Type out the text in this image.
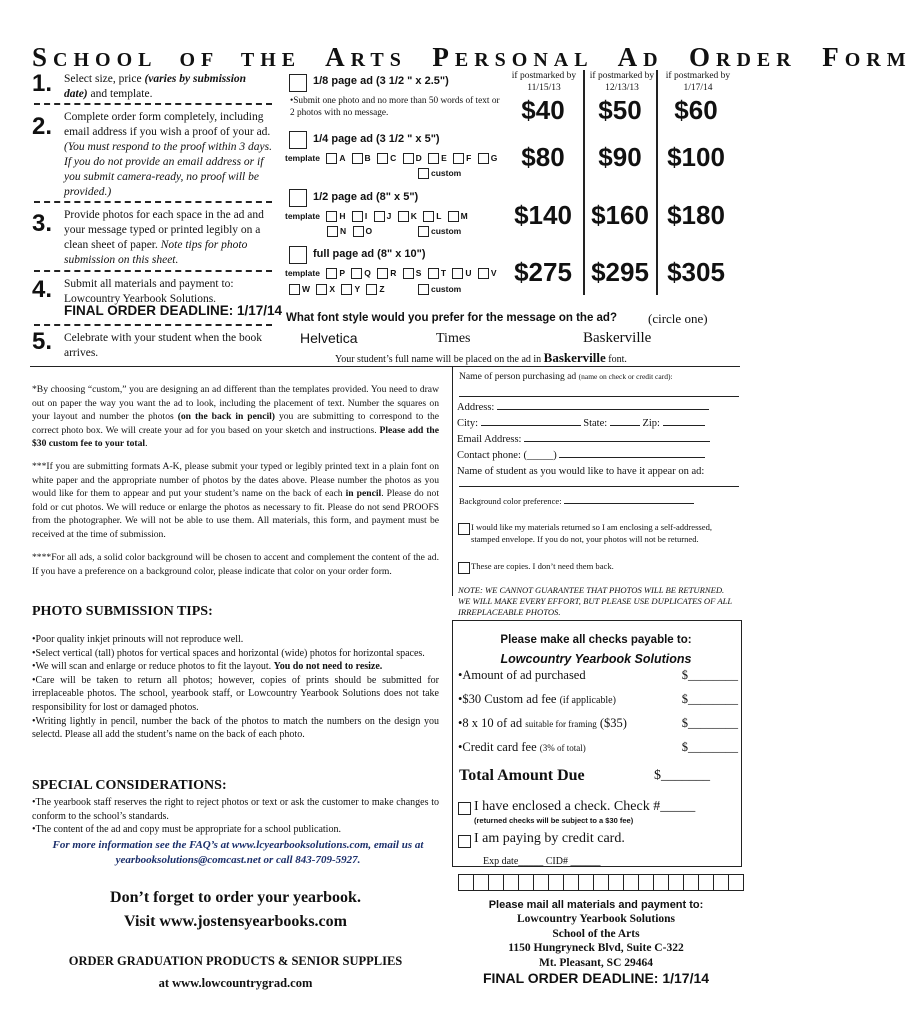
SCHOOL  OF  THE  ARTS  PERSONAL  AD  ORDER  FORM
1. Select size, price (varies by submission date) and template.
2. Complete order form completely, including email address if you wish a proof of your ad. (You must respond to the proof within 3 days. If you do not provide an email address or if you submit camera-ready, no proof will be provided.)
3. Provide photos for each space in the ad and your message typed or printed legibly on a clean sheet of paper. Note tips for photo submission on this sheet.
4. Submit all materials and payment to: Lowcountry Yearbook Solutions.
FINAL ORDER DEADLINE: 1/17/14
5. Celebrate with your student when the book arrives.
if postmarked by 11/15/13
if postmarked by 12/13/13
if postmarked by 1/17/14
1/8 page ad (3 1/2 " x 2.5")
•Submit one photo and no more than 50 words of text or 2 photos with no message.	$40	$50	$60
1/4 page ad (3 1/2 " x 5")
template A B C D E F G
custom
$80	$90 $100
1/2 page ad (8" x 5")
template H I J K L M
N O	custom
$140 $160 $180
full page ad (8" x 10")
template P Q R S T U V
W X Y Z	custom
$275 $295 $305
What font style would you prefer for the message on the ad? (circle one)
Helvetica	Times	Baskerville
Your student’s full name will be placed on the ad in Baskerville font.
*By choosing “custom,” you are designing an ad different than the templates provided. You need to draw out on paper the way you want the ad to look, including the placement of text. Number the squares on your layout and number the photos (on the back in pencil) you are submitting to correspond to the correct photo box. We will create your ad for you based on your sketch and instructions. Please add the $30 custom fee to your total.
***If you are submitting formats A-K, please submit your typed or legibly printed text in a plain font on white paper and the appropriate number of photos by the dates above. Please number the photos as you would like for them to appear and put your student’s name on the back of each in pencil. Please do not fold or cut photos. We will reduce or enlarge the photos as necessary to fit. Please do not send PROOFS from the photographer. We will not be able to use them. All materials, this form, and payment must be received at the time of submission.
****For all ads, a solid color background will be chosen to accent and complement the content of the ad. If you have a preference on a background color, please indicate that color on your order form.
PHOTO SUBMISSION TIPS:
•Poor quality inkjet prinouts will not reproduce well.
•Select vertical (tall) photos for vertical spaces and horizontal (wide) photos for horizontal spaces.
•We will scan and enlarge or reduce photos to fit the layout. You do not need to resize.
•Care will be taken to return all photos; however, copies of prints should be submitted for irreplaceable photos. The school, yearbook staff, or Lowcountry Yearbook Solutions does not take responsibility for lost or damaged photos.
•Writing lightly in pencil, number the back of the photos to match the numbers on the design you selectd. Please all add the student’s name on the back of each photo.
SPECIAL CONSIDERATIONS:
•The yearbook staff reserves the right to reject photos or text or ask the customer to make changes to conform to the school’s standards.
•The content of the ad and copy must be appropriate for a school publication.
For more information see the FAQ’s at www.lcyearbooksolutions.com, email us at yearbooksolutions@comcast.net or call 843-709-5927.
Don’t forget to order your yearbook.
Visit www.jostensyearbooks.com
ORDER GRADUATION PRODUCTS & SENIOR SUPPLIES
at www.lowcountrygrad.com
Name of person purchasing ad (name on check or credit card):
Address:
City:	State:	Zip:
Email Address:
Contact phone: (_____)
Name of student as you would like to have it appear on ad:
Background color preference:
I would like my materials returned so I am enclosing a self-addressed, stamped envelope. If you do not, your photos will not be returned.
These are copies. I don’t need them back.
NOTE: WE CANNOT GUARANTEE THAT PHOTOS WILL BE RETURNED. WE WILL MAKE EVERY EFFORT, BUT PLEASE USE DUPLICATES OF ALL IRREPLACEABLE PHOTOS.
Please make all checks payable to:
Lowcountry Yearbook Solutions
•Amount of ad purchased	$________
•$30 Custom ad fee (if applicable)	$________
•8 x 10 of ad suitable for framing ($35)	$________
•Credit card fee (3% of total)	$________
Total Amount Due	$_______
I have enclosed a check. Check #_____
(returned checks will be subject to a $30 fee)
I am paying by credit card.
Exp date_____ CID# ______
Please mail all materials and payment to:
Lowcountry Yearbook Solutions
School of the Arts
1150 Hungryneck Blvd, Suite C-322
Mt. Pleasant, SC 29464
FINAL ORDER DEADLINE: 1/17/14
